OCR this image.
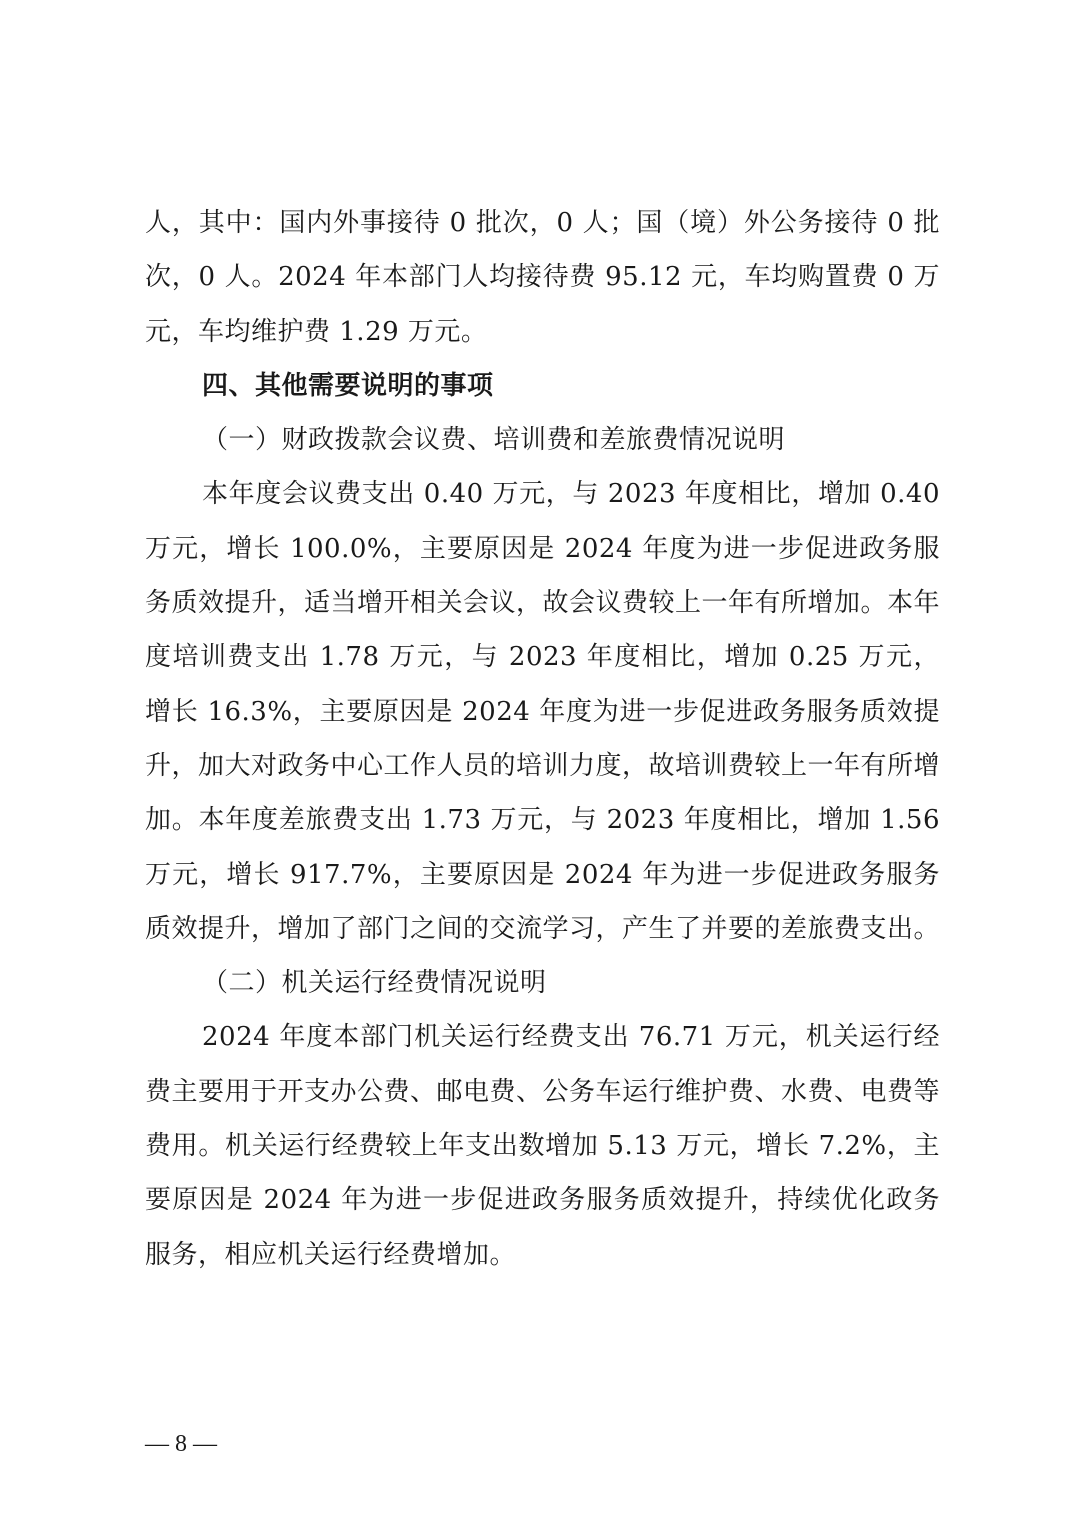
人，其中：国内外事接待 0 批次，0 人；国（境）外公务接待 0 批次，0 人。2024 年本部门人均接待费 95.12 元，车均购置费 0 万元，车均维护费 1.29 万元。

四、其他需要说明的事项

（一）财政拨款会议费、培训费和差旅费情况说明

本年度会议费支出 0.40 万元，与 2023 年度相比，增加 0.40 万元，增长 100.0%，主要原因是 2024 年度为进一步促进政务服务质效提升，适当增开相关会议，故会议费较上一年有所增加。本年度培训费支出 1.78 万元，与 2023 年度相比，增加 0.25 万元，增长 16.3%，主要原因是 2024 年度为进一步促进政务服务质效提升，加大对政务中心工作人员的培训力度，故培训费较上一年有所增加。本年度差旅费支出 1.73 万元，与 2023 年度相比，增加 1.56 万元，增长 917.7%，主要原因是 2024 年为进一步促进政务服务质效提升，增加了部门之间的交流学习，产生了并要的差旅费支出。

（二）机关运行经费情况说明

2024 年度本部门机关运行经费支出 76.71 万元，机关运行经费主要用于开支办公费、邮电费、公务车运行维护费、水费、电费等费用。机关运行经费较上年支出数增加 5.13 万元，增长 7.2%，主要原因是 2024 年为进一步促进政务服务质效提升，持续优化政务服务，相应机关运行经费增加。

— 8 —
